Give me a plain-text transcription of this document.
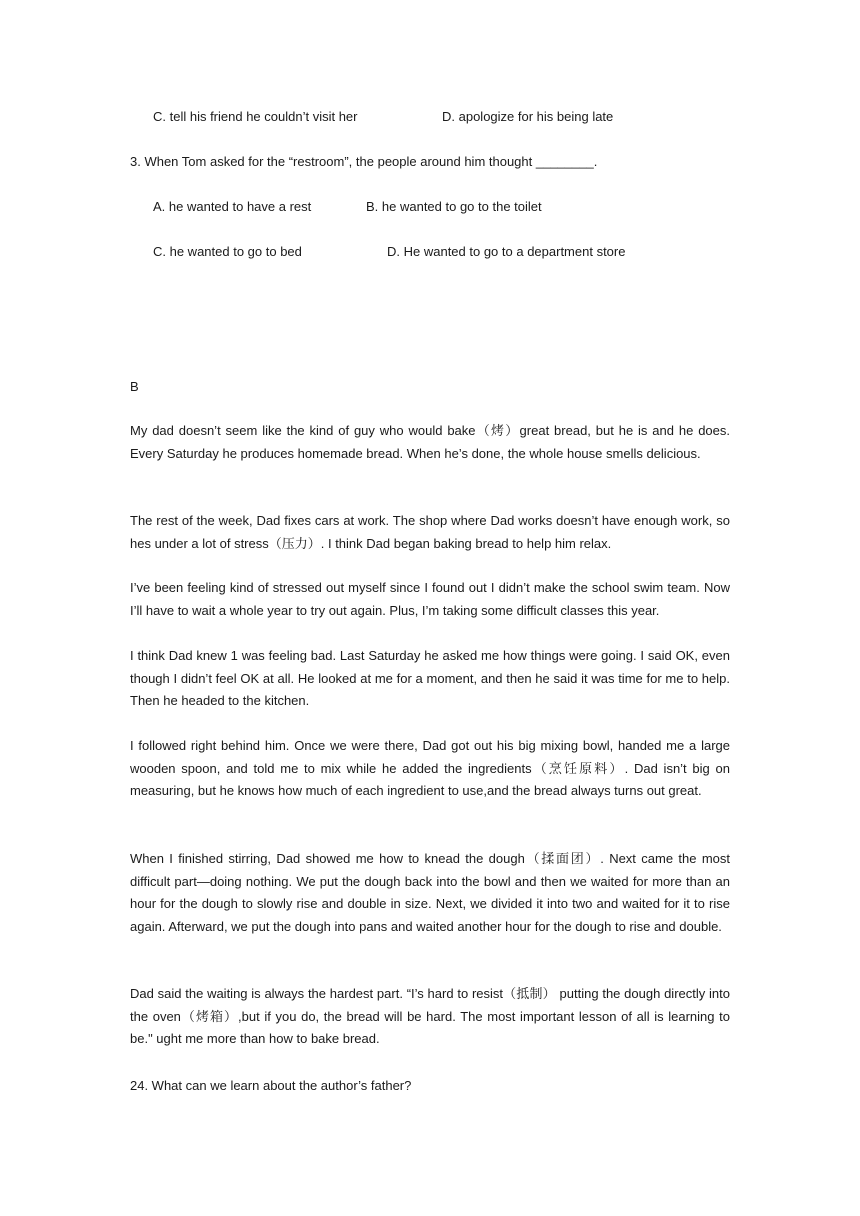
C. tell his friend he couldn’t visit her	D. apologize for his being late
3. When Tom asked for the “restroom”, the people around him thought ________.
A. he wanted to have a rest	B. he wanted to go to the toilet
C. he wanted to go to bed	D. He wanted to go to a department store
B
My dad doesn’t seem like the kind of guy who would bake（烤）great bread, but he is and he does. Every Saturday he produces homemade bread. When he’s done, the whole house smells delicious.
The rest of the week, Dad fixes cars at work. The shop where Dad works doesn’t have enough work, so hes under a lot of stress（压力）. I think Dad began baking bread to help him relax.
I’ve been feeling kind of stressed out myself since I found out I didn’t make the school swim team. Now I’ll have to wait a whole year to try out again. Plus, I’m taking some difficult classes this year.
I think Dad knew 1 was feeling bad. Last Saturday he asked me how things were going. I said OK, even though I didn’t feel OK at all. He looked at me for a moment, and then he said it was time for me to help. Then he headed to the kitchen.
I followed right behind him. Once we were there, Dad got out his big mixing bowl, handed me a large wooden spoon, and told me to mix while he added the ingredients（烹饪原料）. Dad isn’t big on measuring, but he knows how much of each ingredient to use,and the bread always turns out great.
When I finished stirring, Dad showed me how to knead the dough（揉面团）. Next came the most difficult part—doing nothing. We put the dough back into the bowl and then we waited for more than an hour for the dough to slowly rise and double in size. Next, we divided it into two and waited for it to rise again. Afterward, we put the dough into pans and waited another hour for the dough to rise and double.
Dad said the waiting is always the hardest part. “I’s hard to resist（抵制） putting the dough directly into the oven（烤箱）,but if you do, the bread will be hard. The most important lesson of all is learning to be." ught me more than how to bake bread.
24. What can we learn about the author’s father?
